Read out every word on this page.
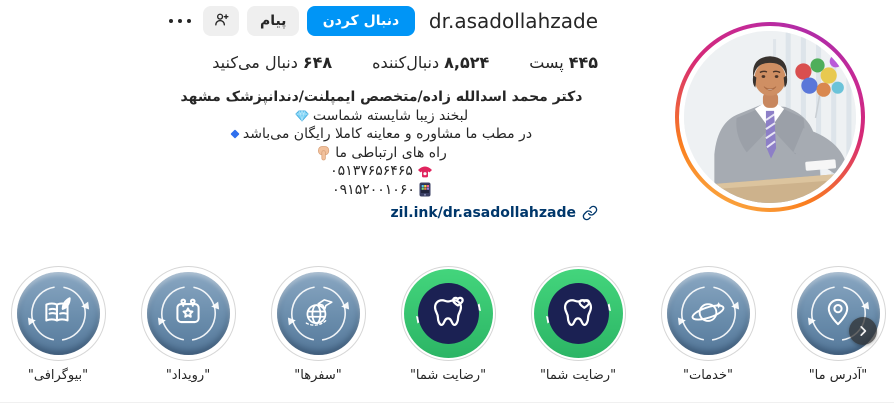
dr.asadollahzade
دنبال کردن
پیام
۴۴۵
پست
۸,۵۲۴
دنبال‌کننده
۶۴۸
دنبال می‌کنید
دکتر محمد اسدالله زاده/متخصص ایمپلنت/دندانپزشک مشهد
لبخند زیبا شایسته شماست
در مطب ما مشاوره و معاینه کاملا رایگان می‌باشد
راه های ارتباطی ما
۰۵۱۳۷۶۵۶۴۶۵
۰۹۱۵۲۰۰۱۰۶۰
zil.ink/dr.asadollahzade
"بیوگرافی"	"رویداد"	"سفرها"	"رضایت شما"	"رضایت شما"	"خدمات"	"آدرس ما"
